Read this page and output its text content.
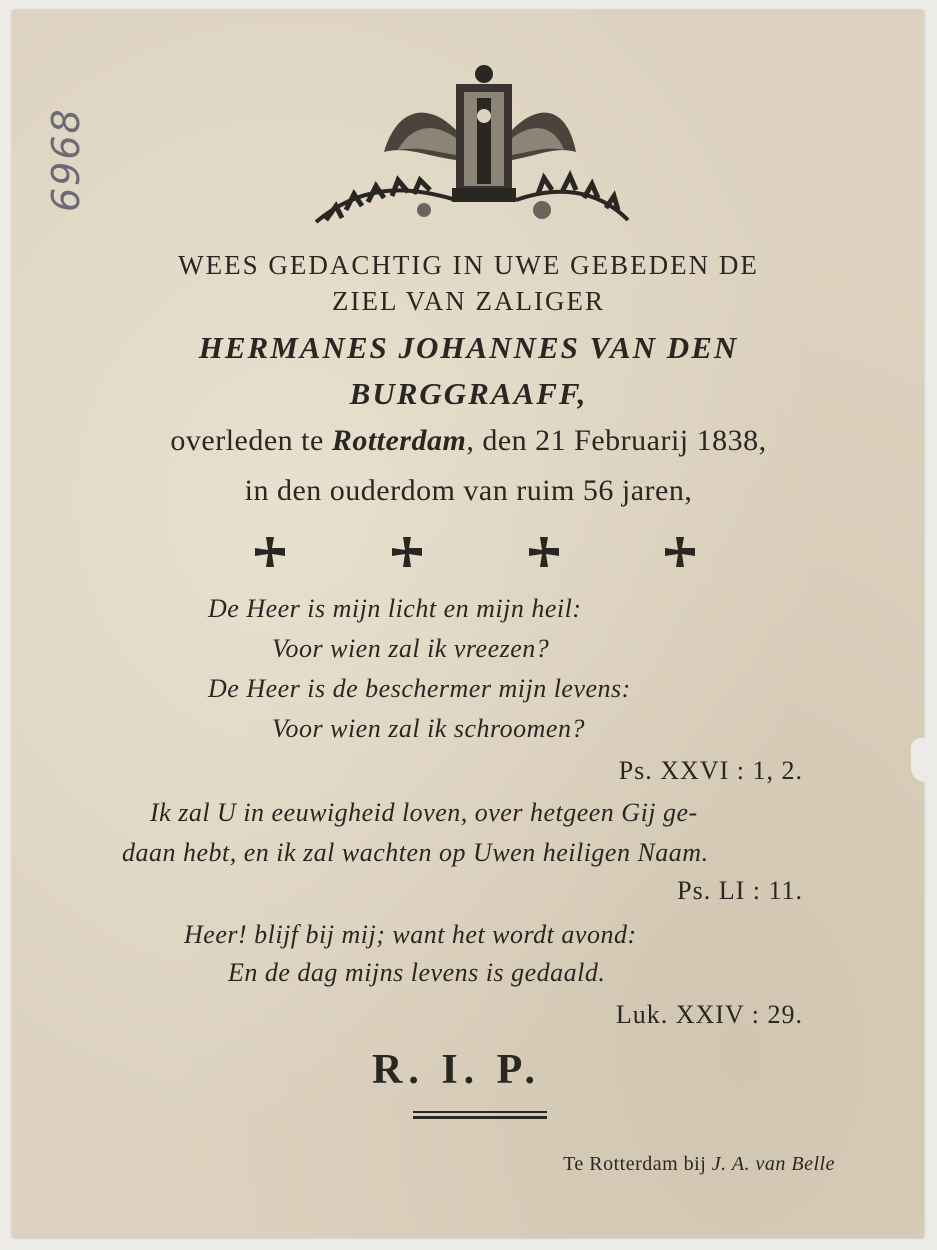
6968
WEES GEDACHTIG IN UWE GEBEDEN DE
ZIEL VAN ZALIGER
HERMANES JOHANNES VAN DEN
BURGGRAAFF,
overleden te Rotterdam, den 21 Februarij 1838,
in den ouderdom van ruim 56 jaren,
De Heer is mijn licht en mijn heil:
Voor wien zal ik vreezen?
De Heer is de beschermer mijn levens:
Voor wien zal ik schroomen?
Ps. XXVI : 1, 2.
Ik zal U in eeuwigheid loven, over hetgeen Gij ge-
daan hebt, en ik zal wachten op Uwen heiligen Naam.
Ps. LI : 11.
Heer! blijf bij mij; want het wordt avond:
En de dag mijns levens is gedaald.
Luk. XXIV : 29.
R. I. P.
Te Rotterdam bij J. A. van Belle
